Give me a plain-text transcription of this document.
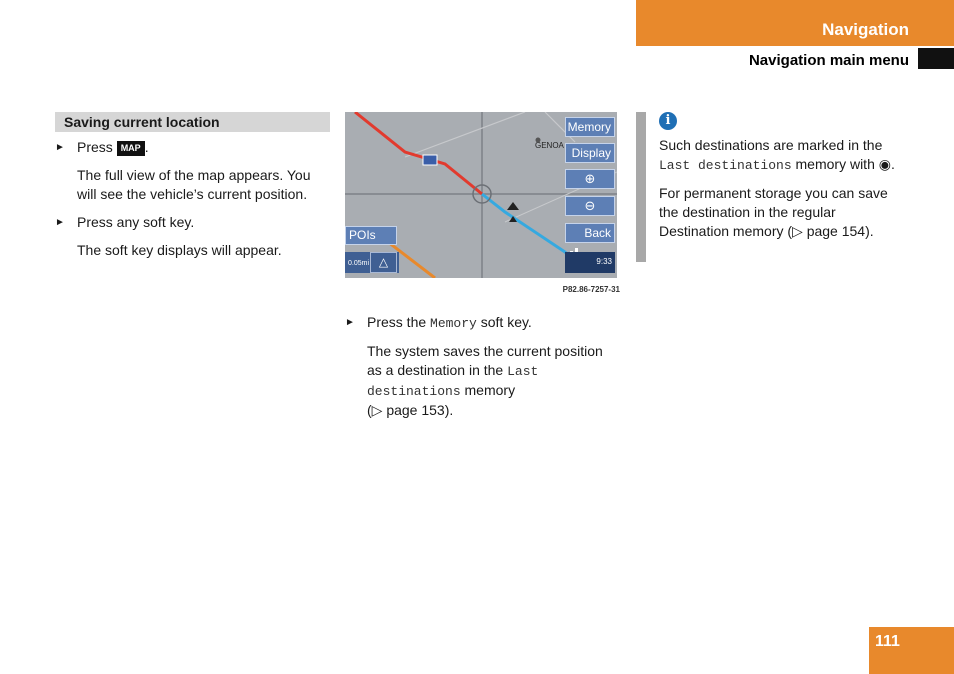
Navigation
Navigation main menu
Saving current location
► Press MAP .
The full view of the map appears. You will see the vehicle’s current position.
► Press any soft key.
The soft key displays will appear.
GENOA
Memory
Display
⊕
⊖
Back
POIs
0.05mi △	9:33
P82.86-7257-31
► Press the Memory soft key.
The system saves the current position as a destination in the Last
destinations memory
(▷ page 153).
i
Such destinations are marked in the Last destinations memory with ◉.
For permanent storage you can save the destination in the regular Destination memory (▷ page 154).
111
